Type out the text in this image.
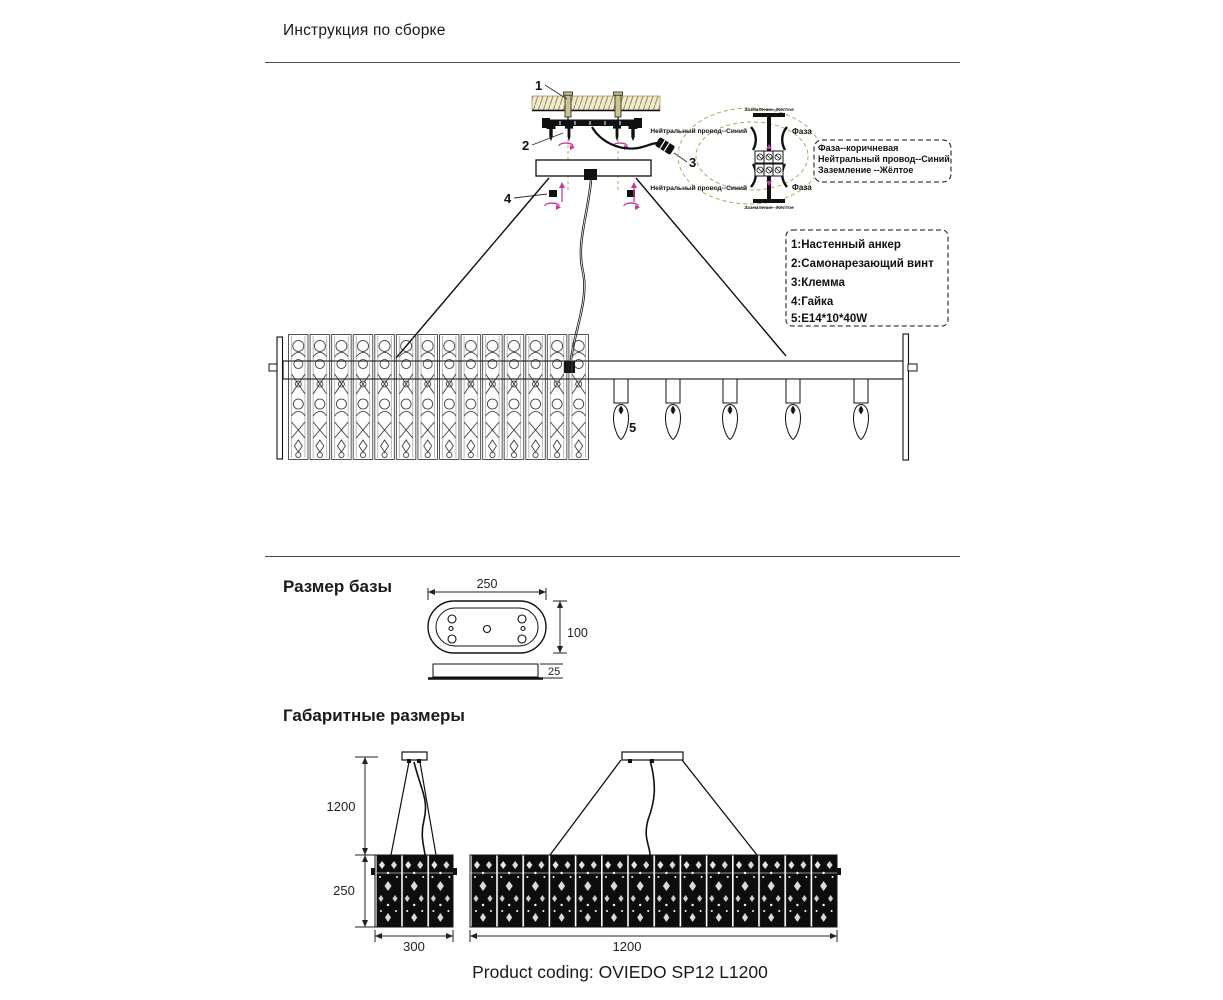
Инструкция по сборке
Размер базы
Габаритные размеры
Product coding: OVIEDO SP12 L1200
1
2
3
4
5
Нейтральный провод--Синий
Нейтральный провод--Синий
Фаза
Фаза
Заземление--Жёлтое
Заземление--Жёлтое
Фаза--коричневая
Нейтральный провод--Синий
Заземление --Жёлтое
1:Настенный анкер
2:Самонарезающий винт
3:Клемма
4:Гайка
5:E14*10*40W
250
100
25
1200
250
300	1200
